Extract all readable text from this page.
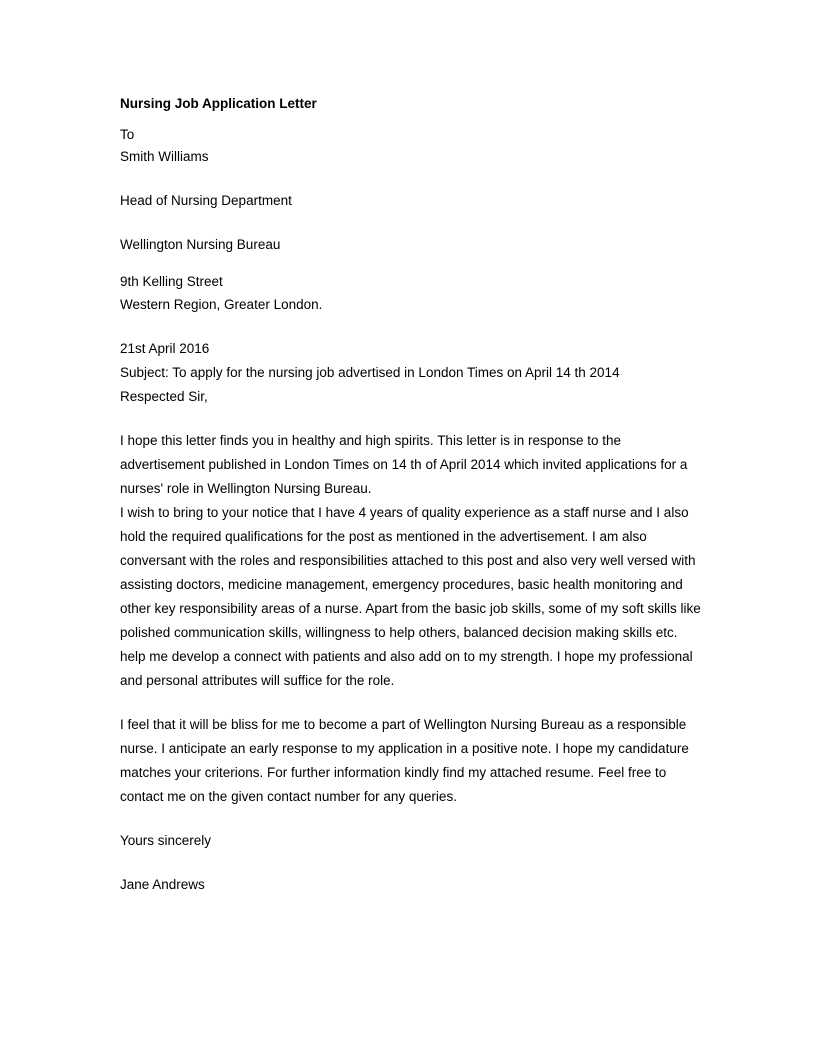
Nursing Job Application Letter
To
Smith Williams
Head of Nursing Department
Wellington Nursing Bureau
9th Kelling Street
Western Region, Greater London.
21st April 2016
Subject: To apply for the nursing job advertised in London Times on April 14 th 2014
Respected Sir,
I hope this letter finds you in healthy and high spirits. This letter is in response to the
advertisement published in London Times on 14 th of April 2014 which invited applications for a
nurses' role in Wellington Nursing Bureau.
I wish to bring to your notice that I have 4 years of quality experience as a staff nurse and I also
hold the required qualifications for the post as mentioned in the advertisement. I am also
conversant with the roles and responsibilities attached to this post and also very well versed with
assisting doctors, medicine management, emergency procedures, basic health monitoring and
other key responsibility areas of a nurse. Apart from the basic job skills, some of my soft skills like
polished communication skills, willingness to help others, balanced decision making skills etc.
help me develop a connect with patients and also add on to my strength. I hope my professional
and personal attributes will suffice for the role.
I feel that it will be bliss for me to become a part of Wellington Nursing Bureau as a responsible
nurse. I anticipate an early response to my application in a positive note. I hope my candidature
matches your criterions. For further information kindly find my attached resume. Feel free to
contact me on the given contact number for any queries.
Yours sincerely
Jane Andrews
